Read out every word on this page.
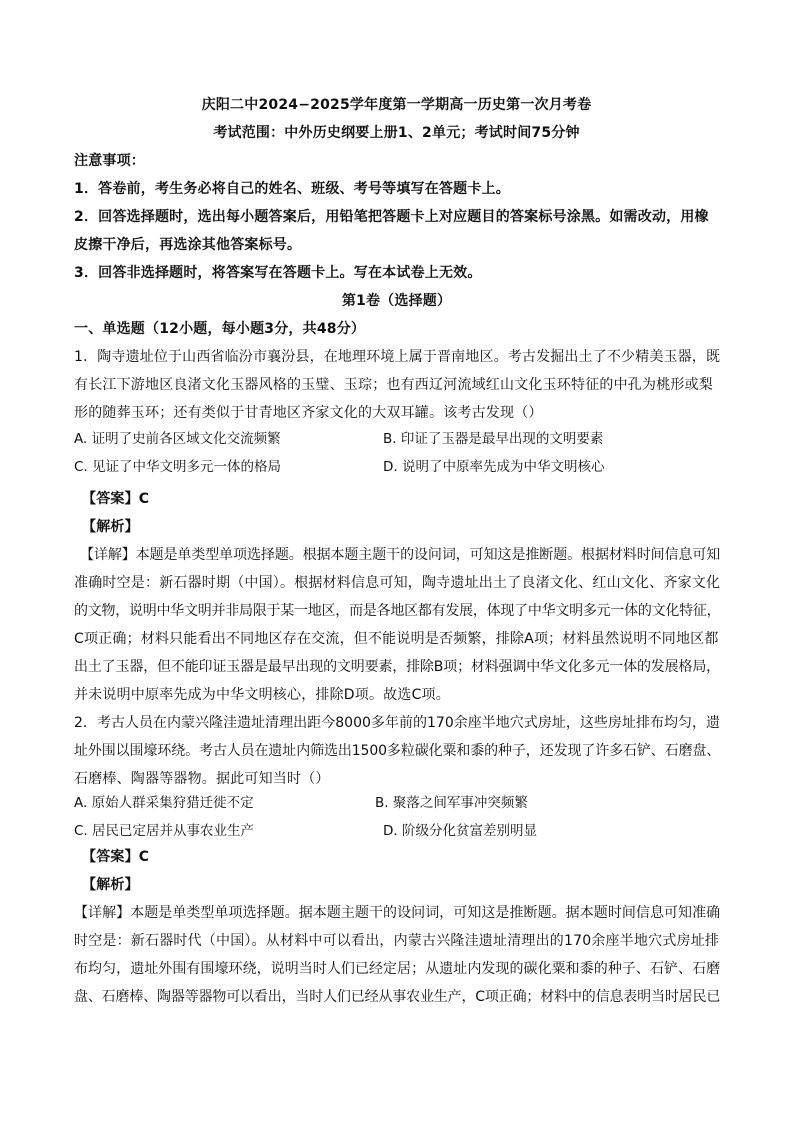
庆阳二中2024−2025学年度第一学期高一历史第一次月考卷
考试范围：中外历史纲要上册1、2单元；考试时间75分钟
注意事项：
1．答卷前，考生务必将自己的姓名、班级、考号等填写在答题卡上。
2．回答选择题时，选出每小题答案后，用铅笔把答题卡上对应题目的答案标号涂黑。如需改动，用橡
皮擦干净后，再选涂其他答案标号。
3．回答非选择题时，将答案写在答题卡上。写在本试卷上无效。
第1卷（选择题）
一、单选题（12小题，每小题3分，共48分）
1．陶寺遗址位于山西省临汾市襄汾县，在地理环境上属于晋南地区。考古发掘出土了不少精美玉器，既
有长江下游地区良渚文化玉器风格的玉璧、玉琮；也有西辽河流域红山文化玉环特征的中孔为桃形或梨
形的随葬玉环；还有类似于甘青地区齐家文化的大双耳罐。该考古发现（）
A. 证明了史前各区域文化交流频繁	B. 印证了玉器是最早出现的文明要素
C. 见证了中华文明多元一体的格局	D. 说明了中原率先成为中华文明核心
【答案】C
【解析】
【详解】本题是单类型单项选择题。根据本题主题干的设问词，可知这是推断题。根据材料时间信息可知
准确时空是：新石器时期（中国）。根据材料信息可知，陶寺遗址出土了良渚文化、红山文化、齐家文化
的文物，说明中华文明并非局限于某一地区，而是各地区都有发展，体现了中华文明多元一体的文化特征，
C项正确；材料只能看出不同地区存在交流，但不能说明是否频繁，排除A项；材料虽然说明不同地区都
出土了玉器，但不能印证玉器是最早出现的文明要素，排除B项；材料强调中华文化多元一体的发展格局，
并未说明中原率先成为中华文明核心，排除D项。故选C项。
2．考古人员在内蒙兴隆洼遗址清理出距今8000多年前的170余座半地穴式房址，这些房址排布均匀，遗
址外围以围壕环绕。考古人员在遗址内筛选出1500多粒碳化粟和黍的种子，还发现了许多石铲、石磨盘、
石磨棒、陶器等器物。据此可知当时（）
A. 原始人群采集狩猎迁徙不定	B. 聚落之间军事冲突频繁
C. 居民已定居并从事农业生产	D. 阶级分化贫富差别明显
【答案】C
【解析】
【详解】本题是单类型单项选择题。据本题主题干的设问词，可知这是推断题。据本题时间信息可知准确
时空是：新石器时代（中国）。从材料中可以看出，内蒙古兴隆洼遗址清理出的170余座半地穴式房址排
布均匀，遗址外围有围壕环绕，说明当时人们已经定居；从遗址内发现的碳化粟和黍的种子、石铲、石磨
盘、石磨棒、陶器等器物可以看出，当时人们已经从事农业生产，C项正确；材料中的信息表明当时居民已
